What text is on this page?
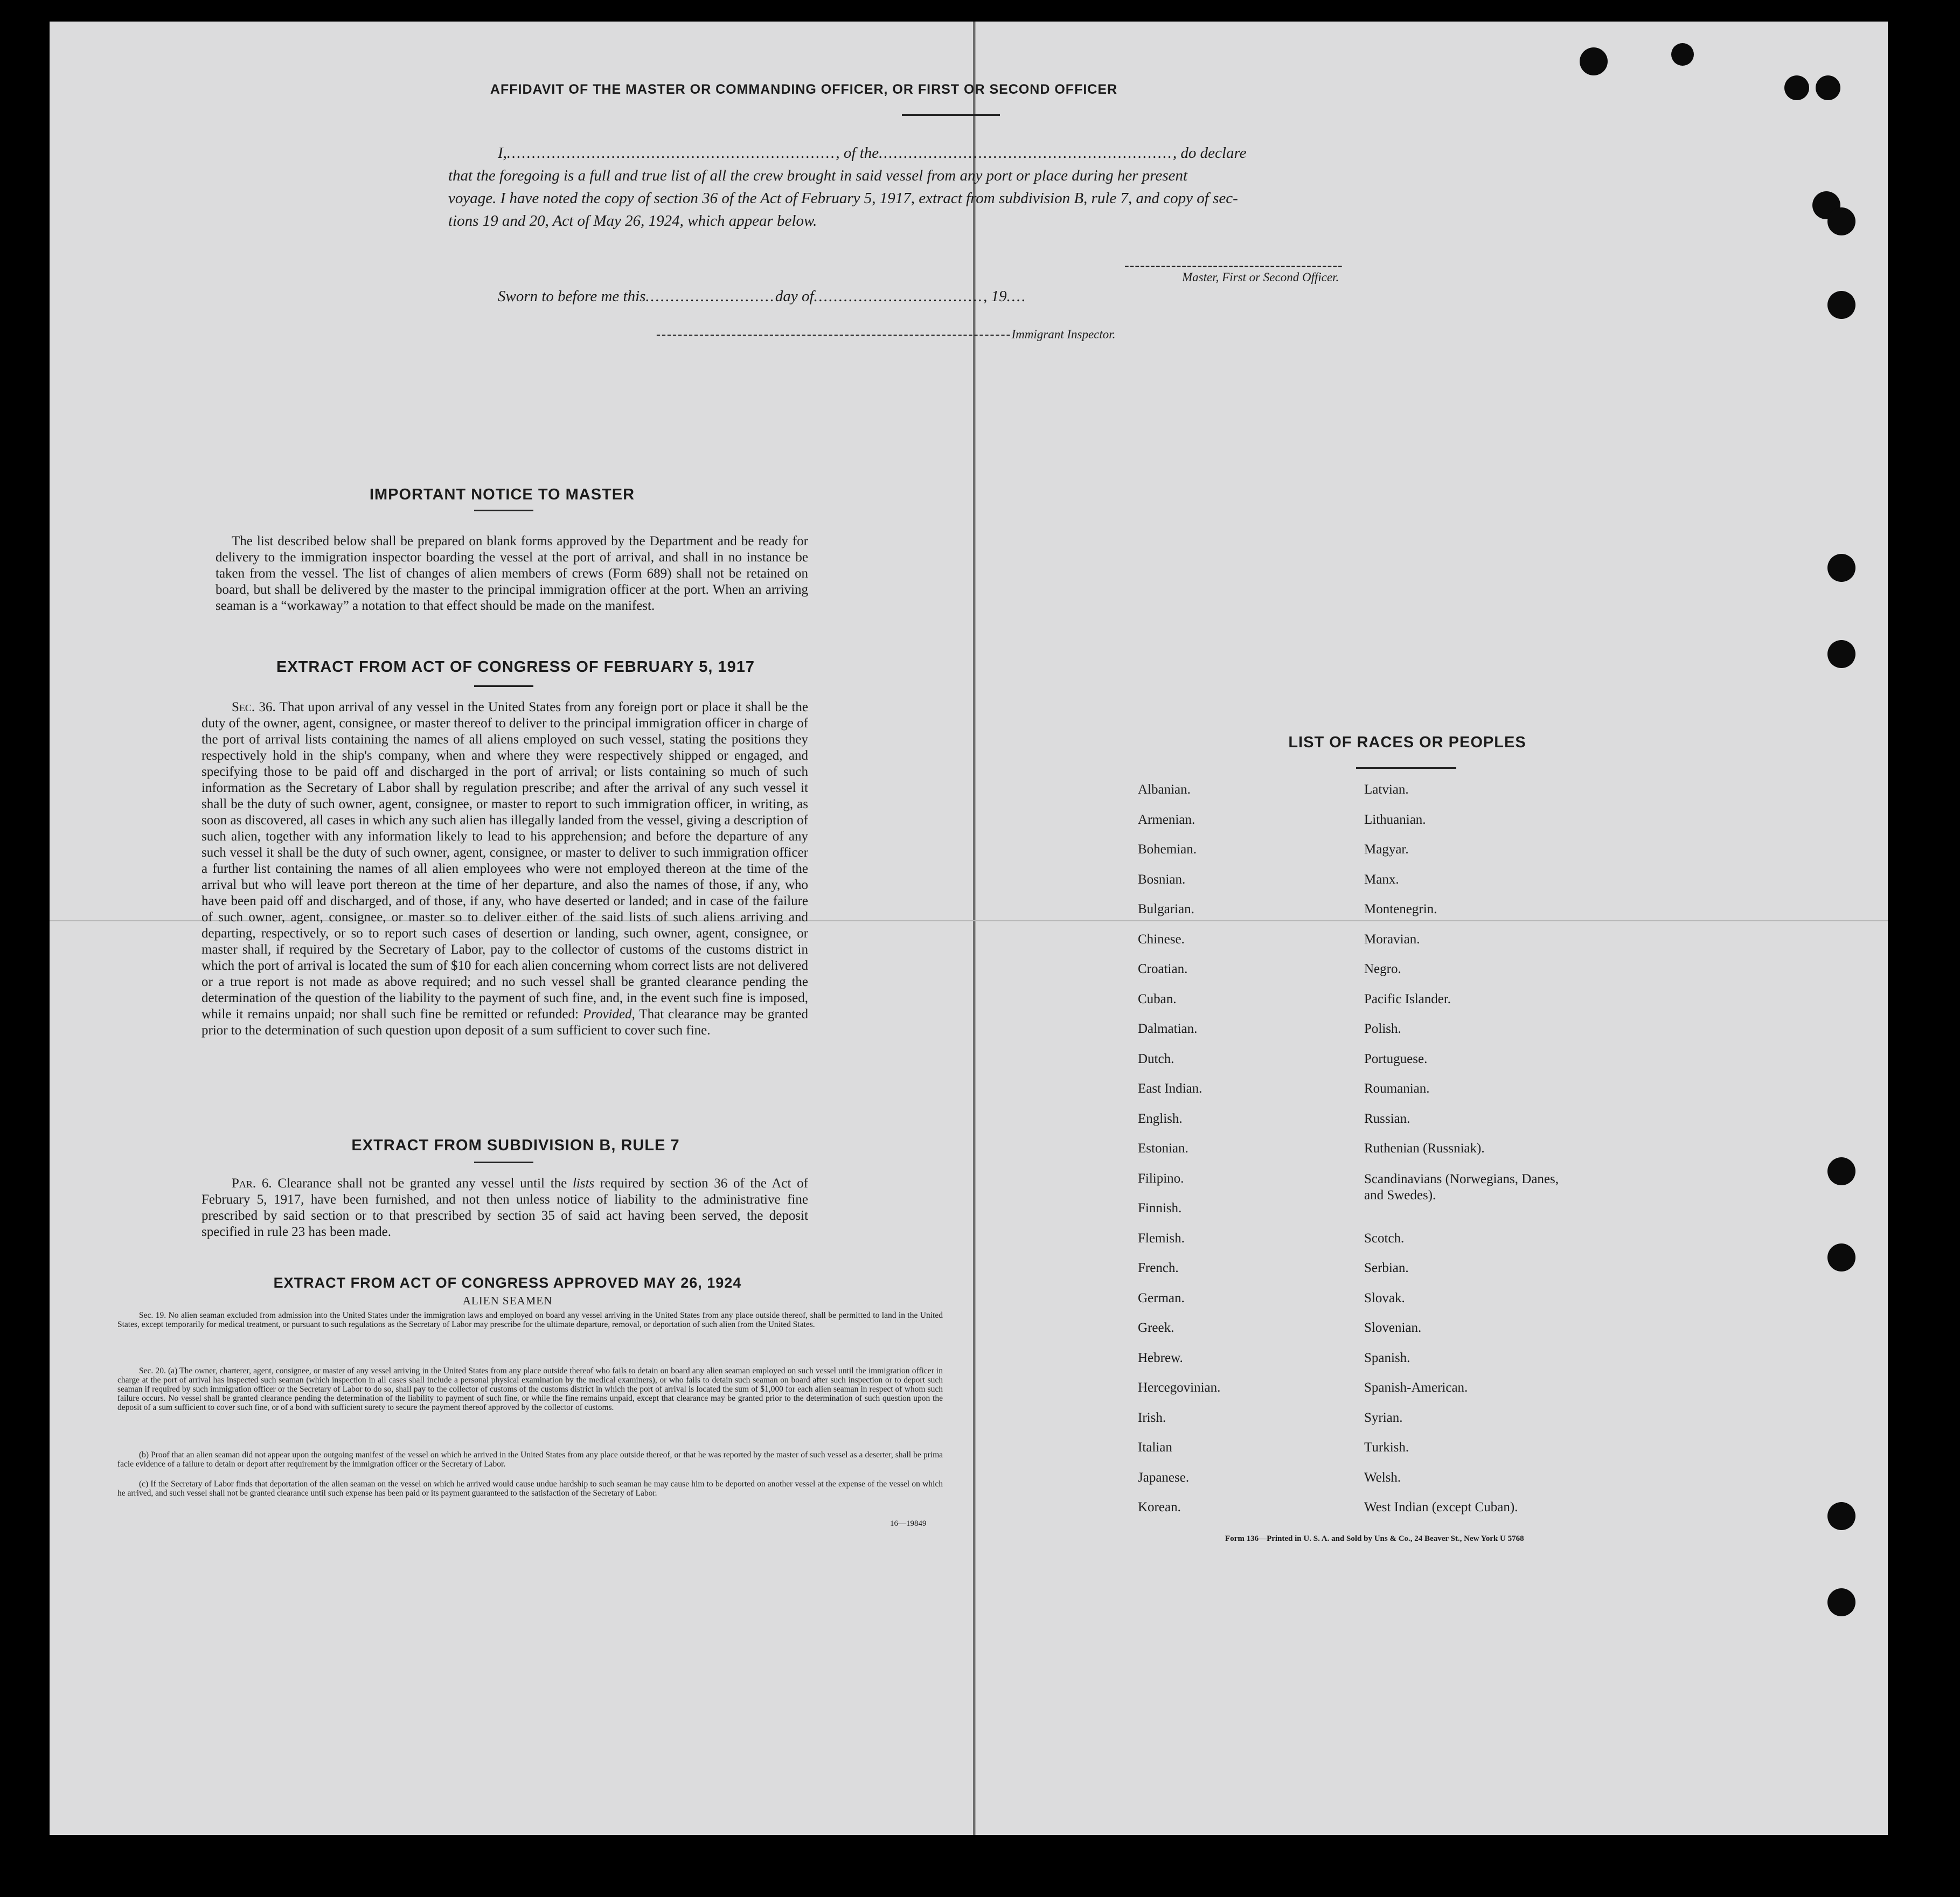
AFFIDAVIT OF THE MASTER OR COMMANDING OFFICER, OR FIRST OR SECOND OFFICER
I,.................................................................., of the..........................................................., do declare
that the foregoing is a full and true list of all the crew brought in said vessel from any port or place during her present
voyage. I have noted the copy of section 36 of the Act of February 5, 1917, extract from subdivision B, rule 7, and copy of sec-
tions 19 and 20, Act of May 26, 1924, which appear below.
------------------------------------------
Master, First or Second Officer.
Sworn to before me this..........................day of.................................., 19....
------------------------------------------------------------------Immigrant Inspector.
IMPORTANT NOTICE TO MASTER
The list described below shall be prepared on blank forms approved by the Department and be ready for delivery to the immigration inspector boarding the vessel at the port of arrival, and shall in no instance be taken from the vessel. The list of changes of alien members of crews (Form 689) shall not be retained on board, but shall be delivered by the master to the principal immigration officer at the port. When an arriving seaman is a “workaway” a notation to that effect should be made on the manifest.
EXTRACT FROM ACT OF CONGRESS OF FEBRUARY 5, 1917
Sec. 36. That upon arrival of any vessel in the United States from any foreign port or place it shall be the duty of the owner, agent, consignee, or master thereof to deliver to the principal immigration officer in charge of the port of arrival lists containing the names of all aliens employed on such vessel, stating the positions they respectively hold in the ship's company, when and where they were respectively shipped or engaged, and specifying those to be paid off and discharged in the port of arrival; or lists containing so much of such information as the Secretary of Labor shall by regulation prescribe; and after the arrival of any such vessel it shall be the duty of such owner, agent, consignee, or master to report to such immigration officer, in writing, as soon as discovered, all cases in which any such alien has illegally landed from the vessel, giving a description of such alien, together with any information likely to lead to his apprehension; and before the departure of any such vessel it shall be the duty of such owner, agent, consignee, or master to deliver to such immigration officer a further list containing the names of all alien employees who were not employed thereon at the time of the arrival but who will leave port thereon at the time of her departure, and also the names of those, if any, who have been paid off and discharged, and of those, if any, who have deserted or landed; and in case of the failure of such owner, agent, consignee, or master so to deliver either of the said lists of such aliens arriving and departing, respectively, or so to report such cases of desertion or landing, such owner, agent, consignee, or master shall, if required by the Secretary of Labor, pay to the collector of customs of the customs district in which the port of arrival is located the sum of $10 for each alien concerning whom correct lists are not delivered or a true report is not made as above required; and no such vessel shall be granted clearance pending the determination of the question of the liability to the payment of such fine, and, in the event such fine is imposed, while it remains unpaid; nor shall such fine be remitted or refunded: Provided, That clearance may be granted prior to the determination of such question upon deposit of a sum sufficient to cover such fine.
EXTRACT FROM SUBDIVISION B, RULE 7
Par. 6. Clearance shall not be granted any vessel until the lists required by section 36 of the Act of February 5, 1917, have been furnished, and not then unless notice of liability to the administrative fine prescribed by said section or to that prescribed by section 35 of said act having been served, the deposit specified in rule 23 has been made.
EXTRACT FROM ACT OF CONGRESS APPROVED MAY 26, 1924
ALIEN SEAMEN
Sec. 19. No alien seaman excluded from admission into the United States under the immigration laws and employed on board any vessel arriving in the United States from any place outside thereof, shall be permitted to land in the United States, except temporarily for medical treatment, or pursuant to such regulations as the Secretary of Labor may prescribe for the ultimate departure, removal, or deportation of such alien from the United States.
Sec. 20. (a) The owner, charterer, agent, consignee, or master of any vessel arriving in the United States from any place outside thereof who fails to detain on board any alien seaman employed on such vessel until the immigration officer in charge at the port of arrival has inspected such seaman (which inspection in all cases shall include a personal physical examination by the medical examiners), or who fails to detain such seaman on board after such inspection or to deport such seaman if required by such immigration officer or the Secretary of Labor to do so, shall pay to the collector of customs of the customs district in which the port of arrival is located the sum of $1,000 for each alien seaman in respect of whom such failure occurs. No vessel shall be granted clearance pending the determination of the liability to payment of such fine, or while the fine remains unpaid, except that clearance may be granted prior to the determination of such question upon the deposit of a sum sufficient to cover such fine, or of a bond with sufficient surety to secure the payment thereof approved by the collector of customs.
(b) Proof that an alien seaman did not appear upon the outgoing manifest of the vessel on which he arrived in the United States from any place outside thereof, or that he was reported by the master of such vessel as a deserter, shall be prima facie evidence of a failure to detain or deport after requirement by the immigration officer or the Secretary of Labor.
(c) If the Secretary of Labor finds that deportation of the alien seaman on the vessel on which he arrived would cause undue hardship to such seaman he may cause him to be deported on another vessel at the expense of the vessel on which he arrived, and such vessel shall not be granted clearance until such expense has been paid or its payment guaranteed to the satisfaction of the Secretary of Labor.
16—19849
LIST OF RACES OR PEOPLES
Albanian.
Armenian.
Bohemian.
Bosnian.
Bulgarian.
Chinese.
Croatian.
Cuban.
Dalmatian.
Dutch.
East Indian.
English.
Estonian.
Filipino.
Finnish.
Flemish.
French.
German.
Greek.
Hebrew.
Hercegovinian.
Irish.
Italian
Japanese.
Korean.
Latvian.
Lithuanian.
Magyar.
Manx.
Montenegrin.
Moravian.
Negro.
Pacific Islander.
Polish.
Portuguese.
Roumanian.
Russian.
Ruthenian (Russniak).
Scandinavians (Norwegians, Danes, and Swedes).
Scotch.
Serbian.
Slovak.
Slovenian.
Spanish.
Spanish-American.
Syrian.
Turkish.
Welsh.
West Indian (except Cuban).
Form 136—Printed in U. S. A. and Sold by Uns & Co., 24 Beaver St., New York U 5768
